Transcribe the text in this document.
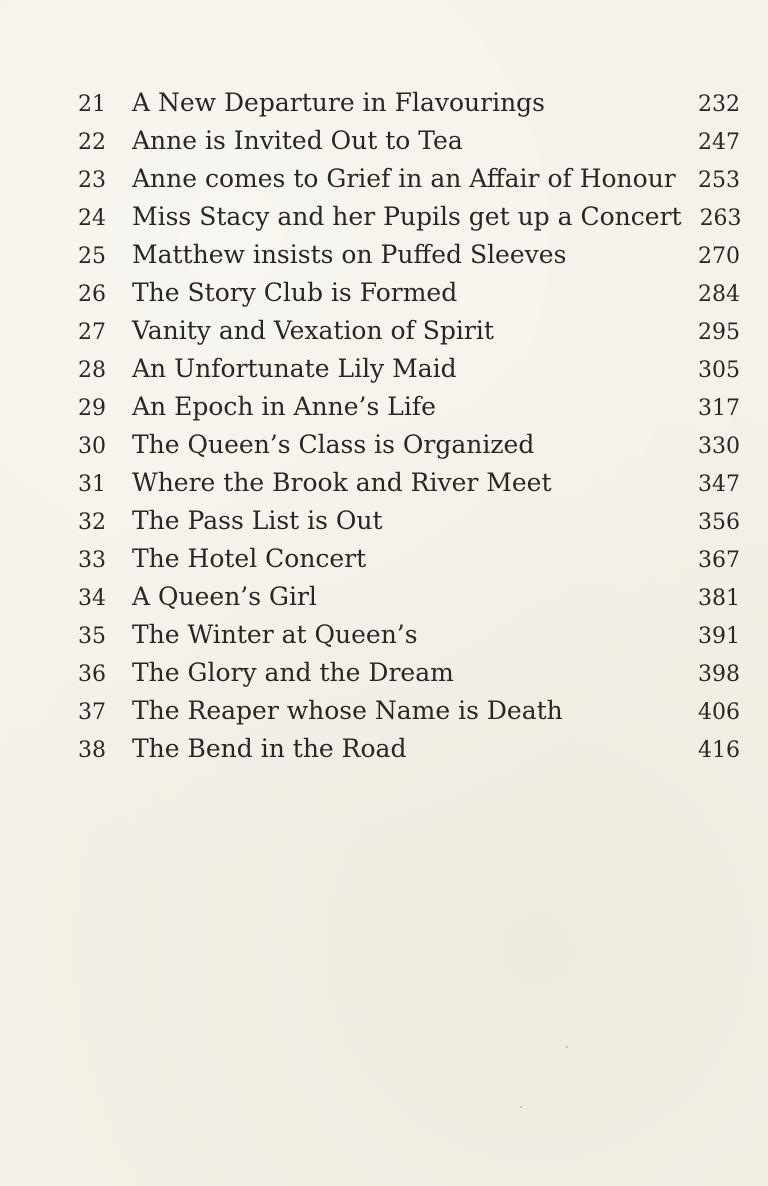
21	A New Departure in Flavourings	232
22	Anne is Invited Out to Tea	247
23	Anne comes to Grief in an Affair of Honour	253
24	Miss Stacy and her Pupils get up a Concert 263
25	Matthew insists on Puffed Sleeves	270
26	The Story Club is Formed	284
27	Vanity and Vexation of Spirit	295
28	An Unfortunate Lily Maid	305
29	An Epoch in Anne’s Life	317
30	The Queen’s Class is Organized	330
31	Where the Brook and River Meet	347
32	The Pass List is Out	356
33	The Hotel Concert	367
34	A Queen’s Girl	381
35	The Winter at Queen’s	391
36	The Glory and the Dream	398
37	The Reaper whose Name is Death	406
38	The Bend in the Road	416
